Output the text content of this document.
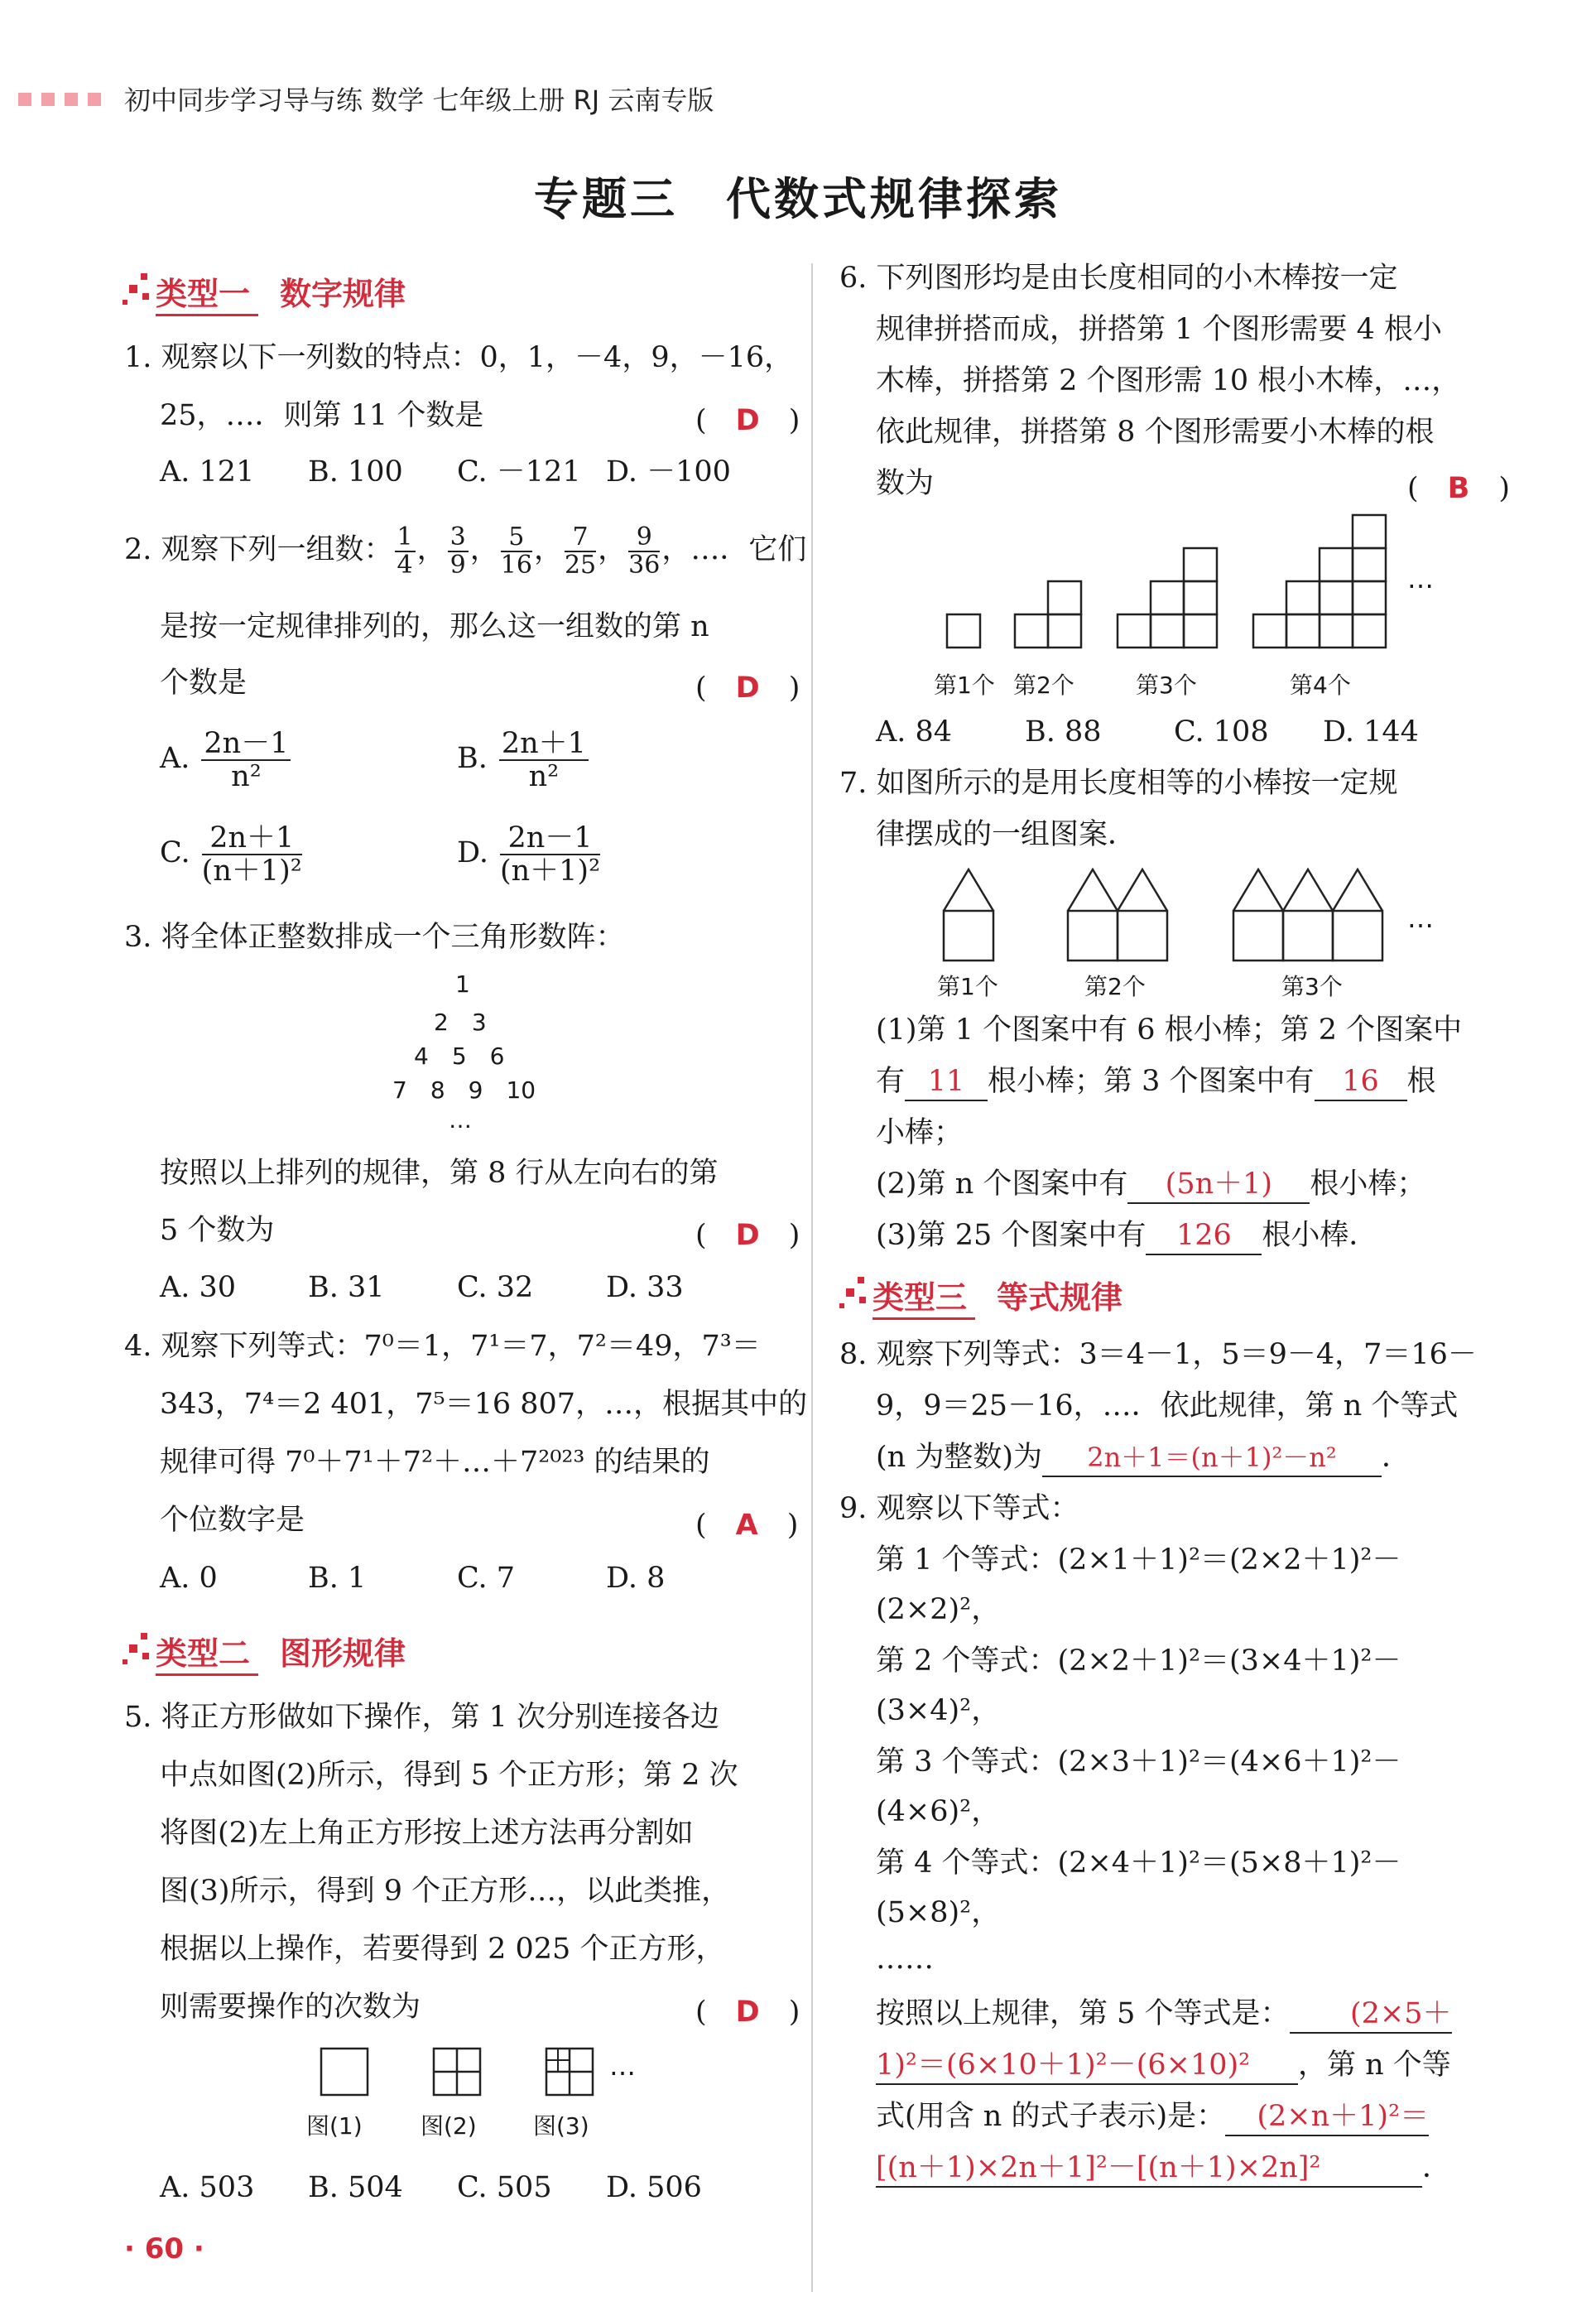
初中同步学习导与练 数学 七年级上册 RJ 云南专版
专题三　代数式规律探索
类型一 数字规律
1. 观察以下一列数的特点：0，1，－4，9，－16，
25，…．则第 11 个数是	(　D　)
A. 121 B. 100 C. －121 D. －100
2. 观察下列一组数： $\frac{1}{4}$ ， $\frac{3}{9}$ ， $\frac{5}{16}$ ， $\frac{7}{25}$ ， $\frac{9}{36}$ ，…．它们
是按一定规律排列的，那么这一组数的第 n
个数是	(　D　)
A. $\frac{2n-1}{\text{n²}}$	B. $\frac{2n+1}{\text{n²}}$
C. $\frac{2n+1}{\text{(n＋1)²}}$	D. $\frac{2n-1}{\text{(n＋1)²}}$
3. 将全体正整数排成一个三角形数阵：
1
2　3
4　5　6
7　8　9　10
…
按照以上排列的规律，第 8 行从左向右的第
5 个数为	(　D　)
A. 30 B. 31 C. 32	D. 33
4. 观察下列等式：7⁰＝1，7¹＝7，7²＝49，7³＝
343，7⁴＝2 401，7⁵＝16 807，…，根据其中的
规律可得 7⁰＋7¹＋7²＋…＋7²⁰²³ 的结果的
个位数字是	(　A　)
A. 0	B. 1	C. 7	D. 8
类型二 图形规律
5. 将正方形做如下操作，第 1 次分别连接各边
中点如图(2)所示，得到 5 个正方形；第 2 次
将图(2)左上角正方形按上述方法再分割如
图(3)所示，得到 9 个正方形…，以此类推，
根据以上操作，若要得到 2 025 个正方形，
则需要操作的次数为	(　D　)
…
图(1)	图(2) 图(3)
A. 503 B. 504 C. 505 D. 506
· 60 ·
6. 下列图形均是由长度相同的小木棒按一定
规律拼搭而成，拼搭第 1 个图形需要 4 根小
木棒，拼搭第 2 个图形需 10 根小木棒，…，
依此规律，拼搭第 8 个图形需要小木棒的根
数为	(　B　)
…
第1个 第2个	第3个	第4个
A. 84	B. 88 C. 108 D. 144
7. 如图所示的是用长度相等的小棒按一定规
律摆成的一组图案．
…
第1个	第2个	第3个
(1)第 1 个图案中有 6 根小棒；第 2 个图案中
有 11 根小棒；第 3 个图案中有 16 根
小棒；
(2)第 n 个图案中有 (5n＋1) 根小棒；
(3)第 25 个图案中有 126 根小棒．
类型三 等式规律
8. 观察下列等式：3＝4－1，5＝9－4，7＝16－
9，9＝25－16，…．依此规律，第 n 个等式
(n 为整数)为 2n＋1＝(n＋1)²－n² ．
9. 观察以下等式：
第 1 个等式：(2×1＋1)²＝(2×2＋1)²－
(2×2)²，
第 2 个等式：(2×2＋1)²＝(3×4＋1)²－
(3×4)²，
第 3 个等式：(2×3＋1)²＝(4×6＋1)²－
(4×6)²，
第 4 个等式：(2×4＋1)²＝(5×8＋1)²－
(5×8)²，
……
按照以上规律，第 5 个等式是： (2×5＋
1)²＝(6×10＋1)²－(6×10)² ，第 n 个等
式(用含 n 的式子表示)是： (2×n＋1)²＝
[(n＋1)×2n＋1]²－[(n＋1)×2n]²	．
